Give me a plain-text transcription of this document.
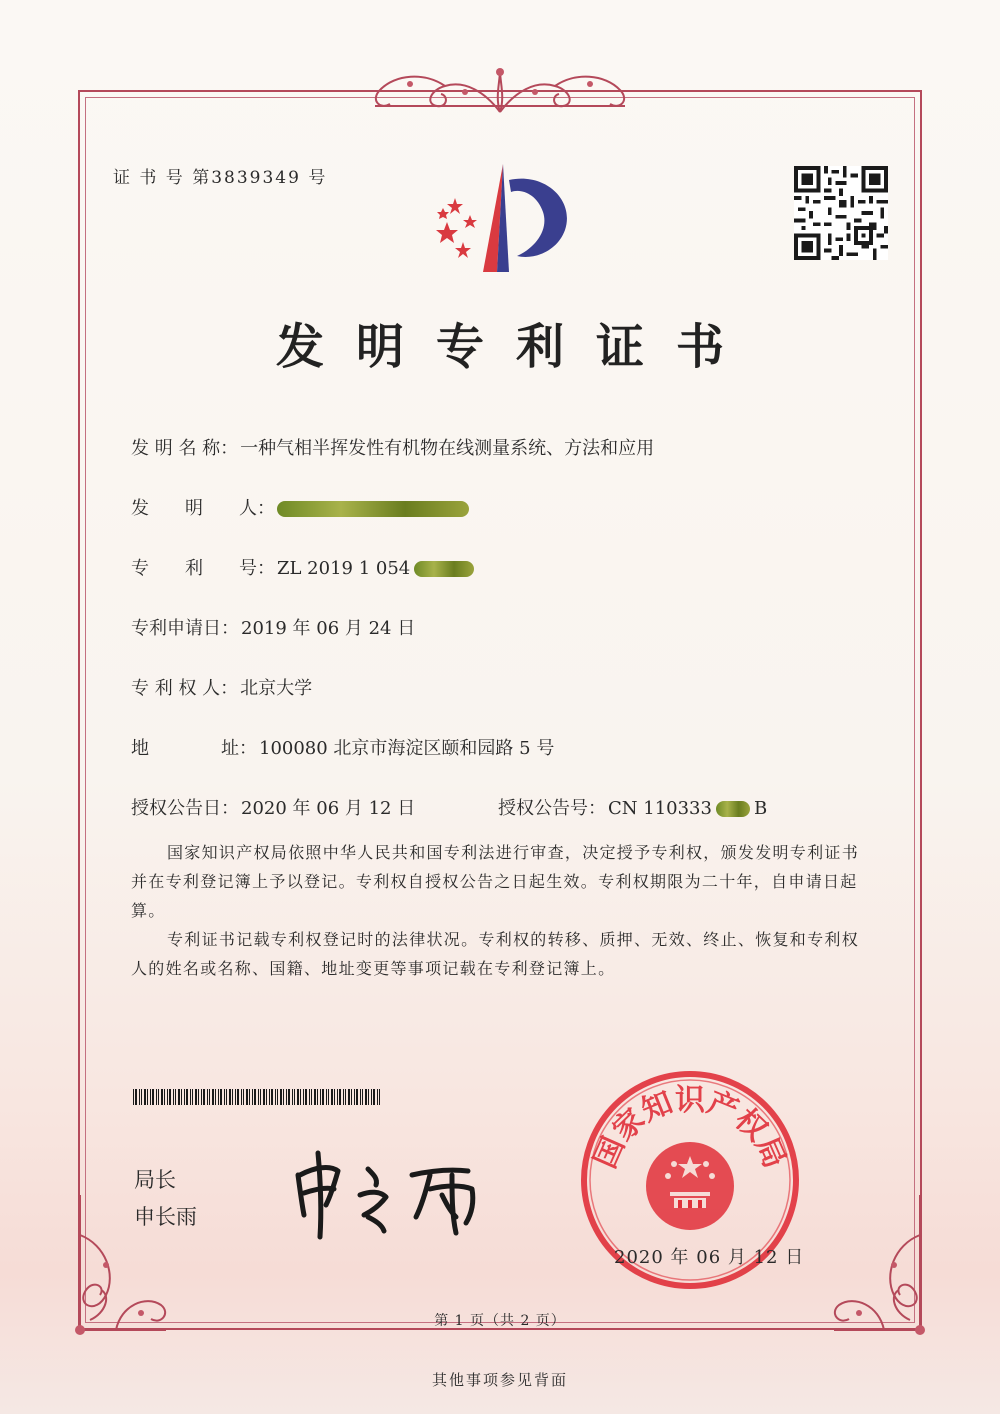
证 书 号 第3839349 号
发明专利证书
发 明 名 称： 一种气相半挥发性有机物在线测量系统、方法和应用
发　　明　　人：
专　　利　　号： ZL 2019 1 054
专利申请日： 2019 年 06 月 24 日
专 利 权 人： 北京大学
地　　　　址： 100080 北京市海淀区颐和园路 5 号
授权公告日： 2020 年 06 月 12 日	授权公告号： CN 110333 B
国家知识产权局依照中华人民共和国专利法进行审查，决定授予专利权，颁发发明专利证书并在专利登记簿上予以登记。专利权自授权公告之日起生效。专利权期限为二十年，自申请日起算。
专利证书记载专利权登记时的法律状况。专利权的转移、质押、无效、终止、恢复和专利权人的姓名或名称、国籍、地址变更等事项记载在专利登记簿上。
局长
申长雨
国家知识产权局
2020 年 06 月 12 日
第 1 页（共 2 页）
其他事项参见背面
